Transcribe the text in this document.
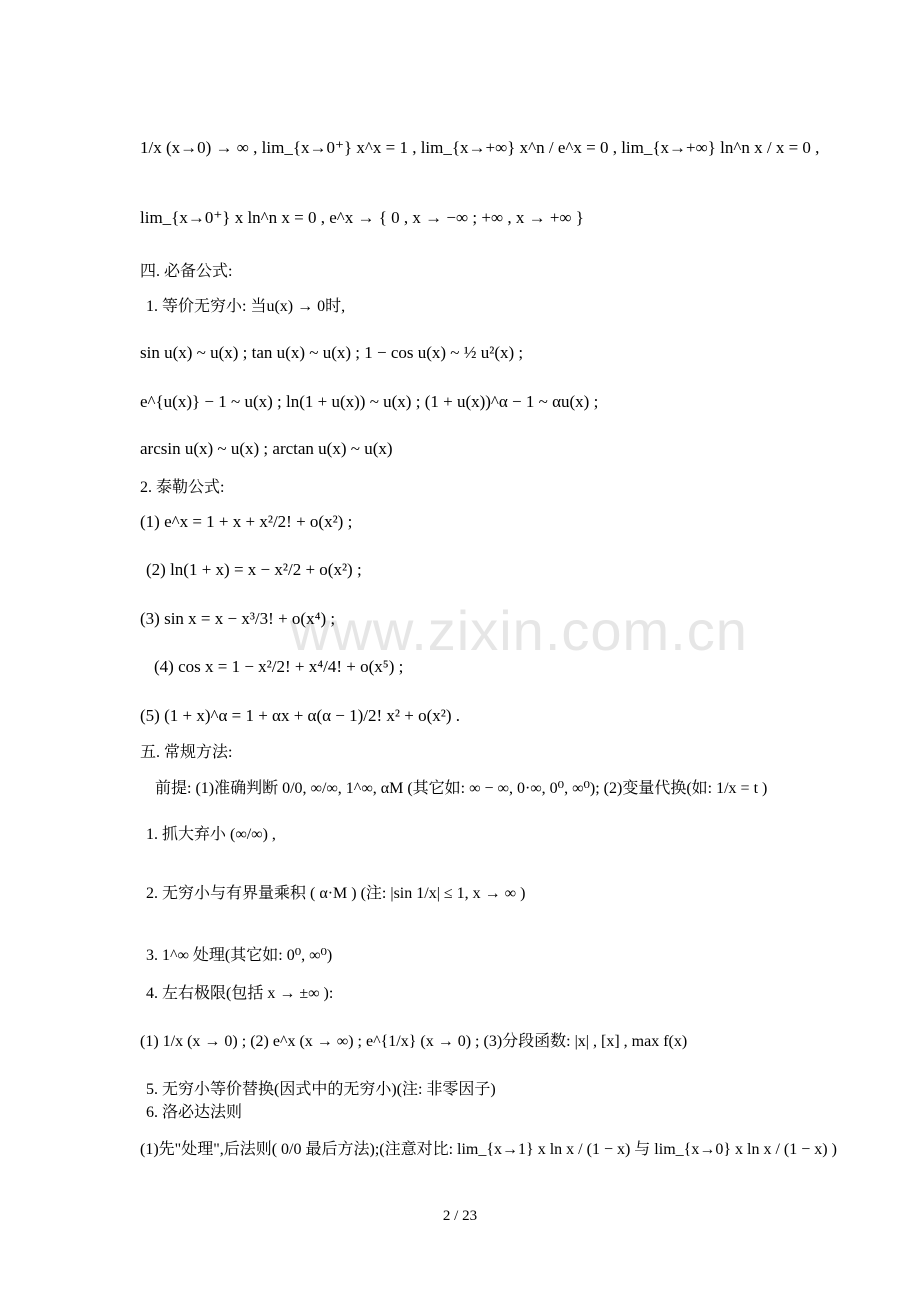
www.zixin.com.cn
1/x (x→0) → ∞ , lim_{x→0⁺} x^x = 1 , lim_{x→+∞} x^n / e^x = 0 , lim_{x→+∞} ln^n x / x = 0 ,
lim_{x→0⁺} x ln^n x = 0 , e^x → { 0 , x → −∞ ; +∞ , x → +∞ }
四. 必备公式:
1. 等价无穷小: 当u(x) → 0时,
sin u(x) ~ u(x) ; tan u(x) ~ u(x) ; 1 − cos u(x) ~ ½ u²(x) ;
e^{u(x)} − 1 ~ u(x) ; ln(1 + u(x)) ~ u(x) ; (1 + u(x))^α − 1 ~ αu(x) ;
arcsin u(x) ~ u(x) ; arctan u(x) ~ u(x)
2. 泰勒公式:
(1) e^x = 1 + x + x²/2! + o(x²) ;
(2) ln(1 + x) = x − x²/2 + o(x²) ;
(3) sin x = x − x³/3! + o(x⁴) ;
(4) cos x = 1 − x²/2! + x⁴/4! + o(x⁵) ;
(5) (1 + x)^α = 1 + αx + α(α − 1)/2! x² + o(x²) .
五. 常规方法:
前提: (1)准确判断 0/0, ∞/∞, 1^∞, αM (其它如: ∞ − ∞, 0·∞, 0⁰, ∞⁰); (2)变量代换(如: 1/x = t )
1. 抓大弃小 (∞/∞) ,
2. 无穷小与有界量乘积 ( α·M ) (注: |sin 1/x| ≤ 1, x → ∞ )
3. 1^∞ 处理(其它如: 0⁰, ∞⁰)
4. 左右极限(包括 x → ±∞ ):
(1) 1/x (x → 0) ; (2) e^x (x → ∞) ; e^{1/x} (x → 0) ; (3)分段函数: |x| , [x] , max f(x)
5. 无穷小等价替换(因式中的无穷小)(注: 非零因子)
6. 洛必达法则
(1)先"处理",后法则( 0/0 最后方法);(注意对比: lim_{x→1} x ln x / (1 − x) 与 lim_{x→0} x ln x / (1 − x) )
2 / 23
